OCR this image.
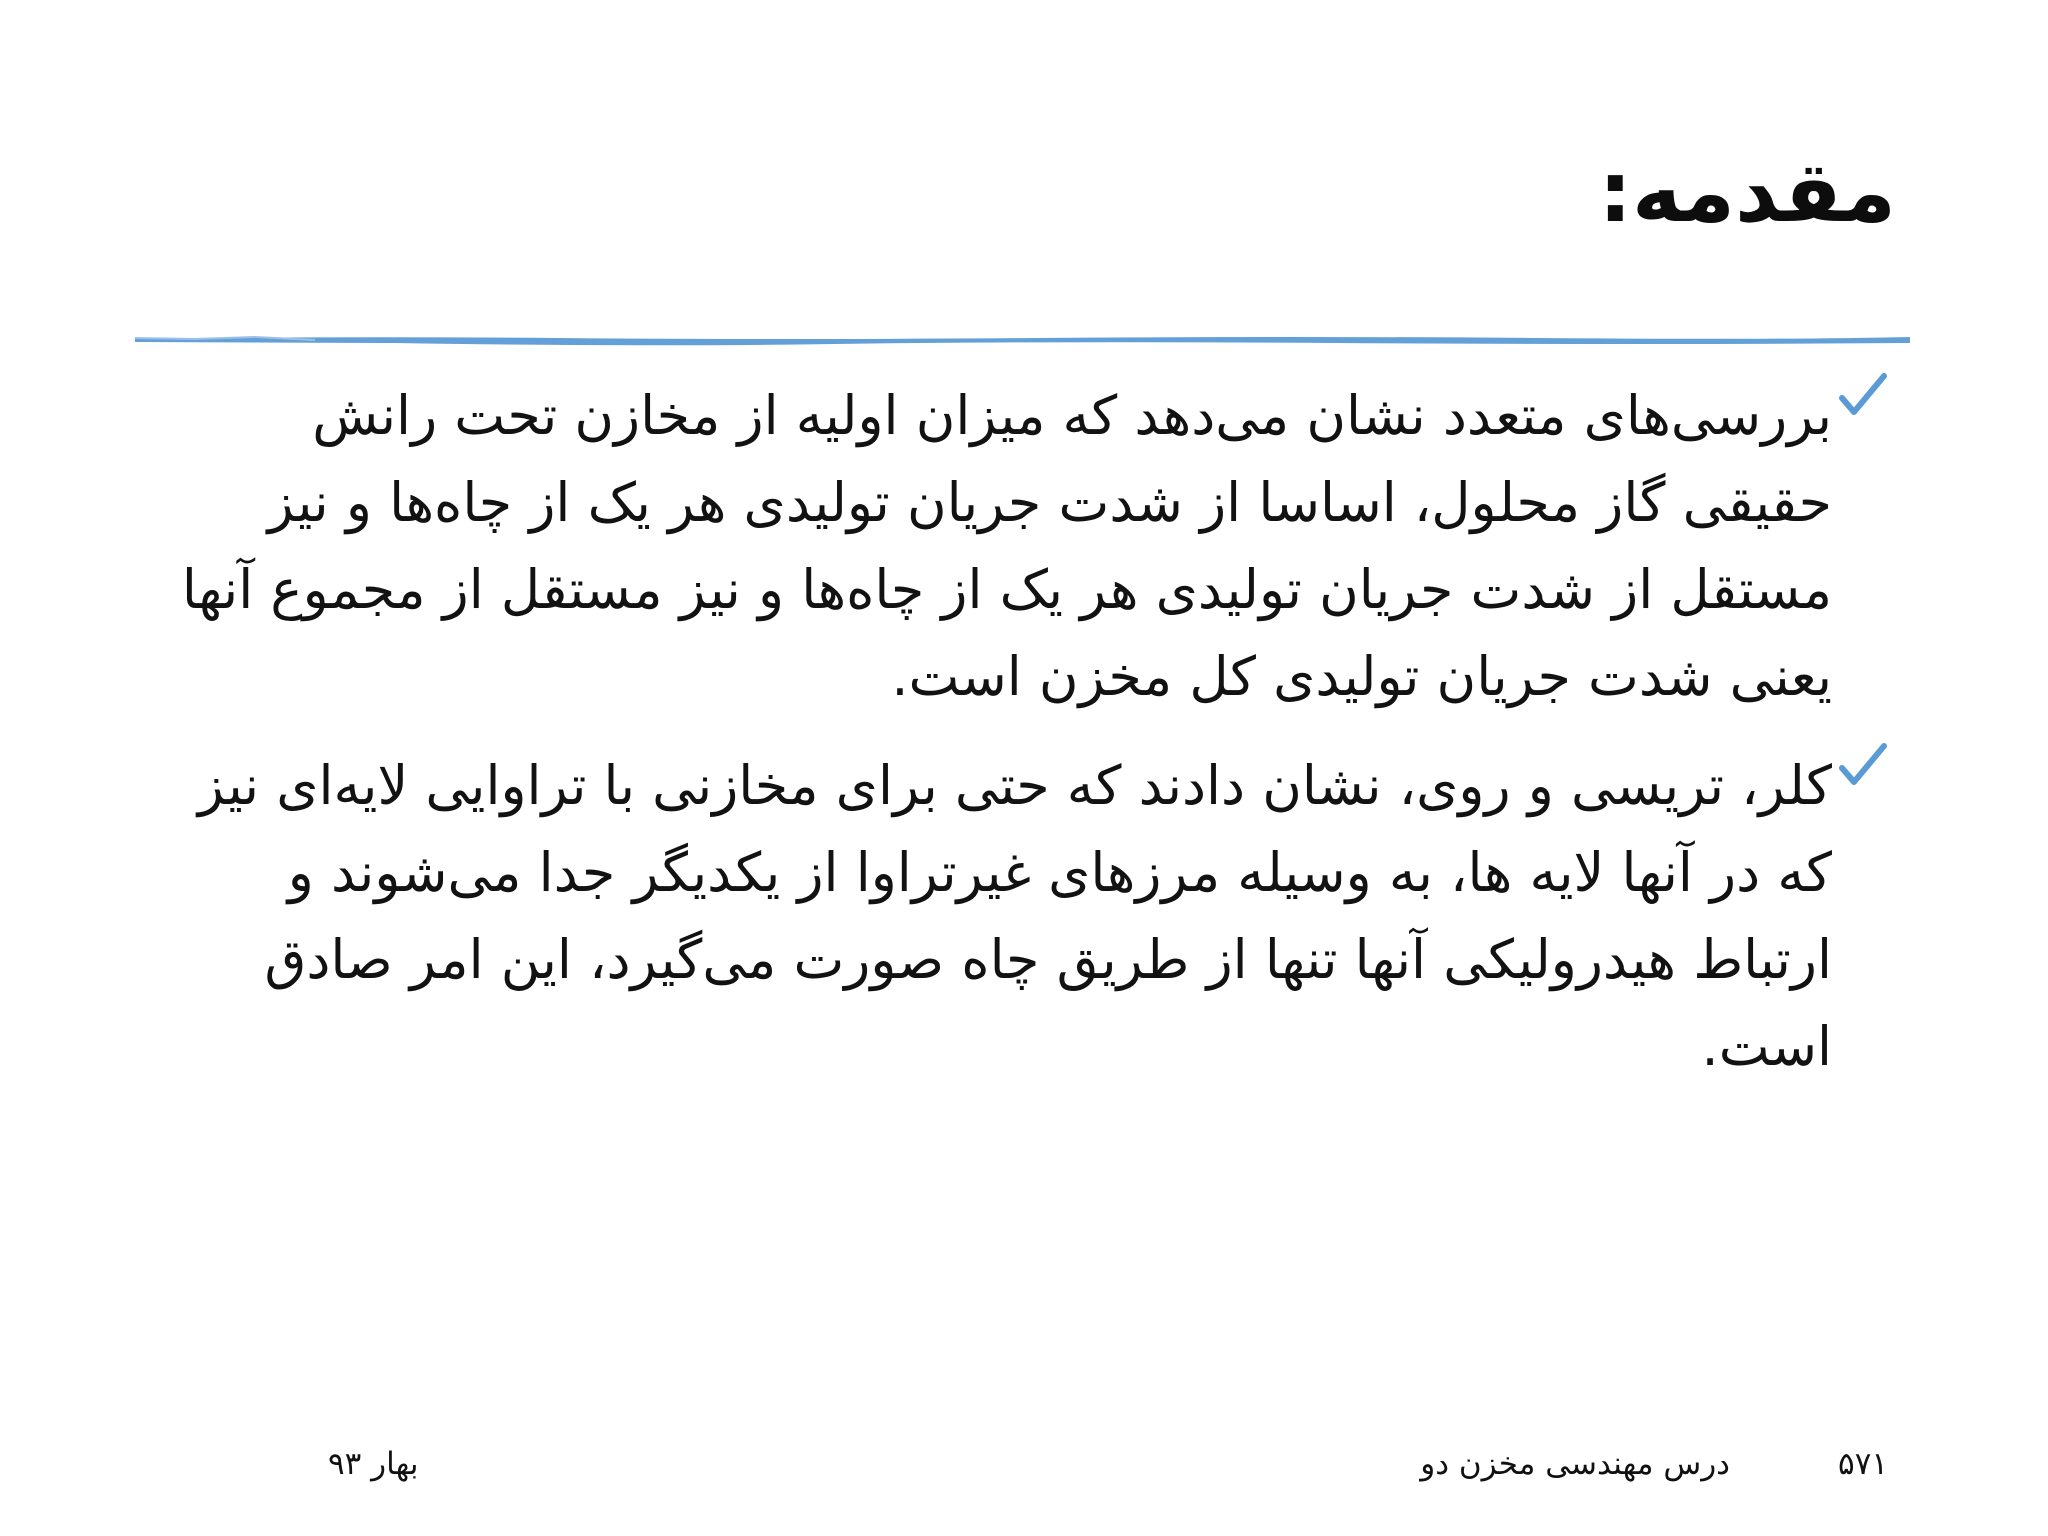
مقدمه:
بررسی‌های متعدد نشان می‌دهد که میزان اولیه از مخازن تحت رانش حقیقی گاز محلول، اساسا از شدت جریان تولیدی هر یک از چاه‌ها و نیز مستقل از شدت جریان تولیدی هر یک از چاه‌ها و نیز مستقل از مجموع آنها یعنی شدت جریان تولیدی کل مخزن است.
کلر، تریسی و روی، نشان دادند که حتی برای مخازنی با تراوایی لایه‌ای نیز که در آنها لایه ها، به وسیله مرزهای غیرتراوا از یکدیگر جدا می‌شوند و ارتباط هیدرولیکی آنها تنها از طریق چاه صورت می‌گیرد، این امر صادق است.
۵۷۱
درس مهندسی مخزن دو
بهار ۹۳
